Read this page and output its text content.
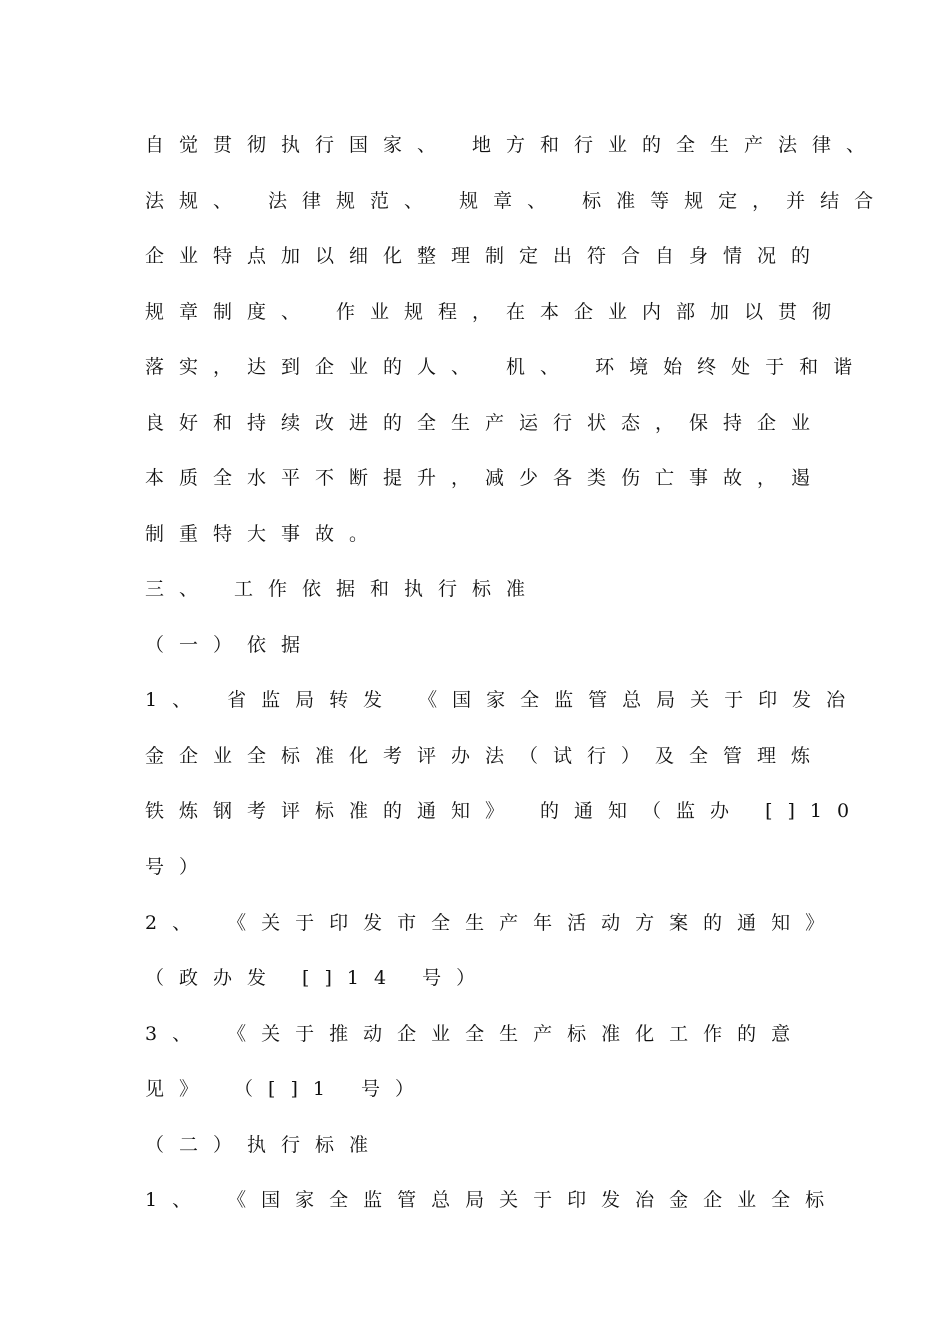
自觉贯彻执行国家、 地方和行业的全生产法律、
法规、 法律规范、 规章、 标准等规定，并结合
企业特点加以细化整理制定出符合自身情况的
规章制度、 作业规程，在本企业内部加以贯彻
落实，达到企业的人、 机、 环境始终处于和谐
良好和持续改进的全生产运行状态，保持企业
本质全水平不断提升，减少各类伤亡事故，遏
制重特大事故。
三、 工作依据和执行标准
（一）依据
1、 省监局转发 《国家全监管总局关于印发冶
金企业全标准化考评办法（试行）及全管理炼
铁炼钢考评标准的通知》 的通知（监办 []10
号）
2、 《关于印发市全生产年活动方案的通知》
（政办发 []14 号）
3、 《关于推动企业全生产标准化工作的意
见》 （[]1 号）
（二）执行标准
1、 《国家全监管总局关于印发冶金企业全标
